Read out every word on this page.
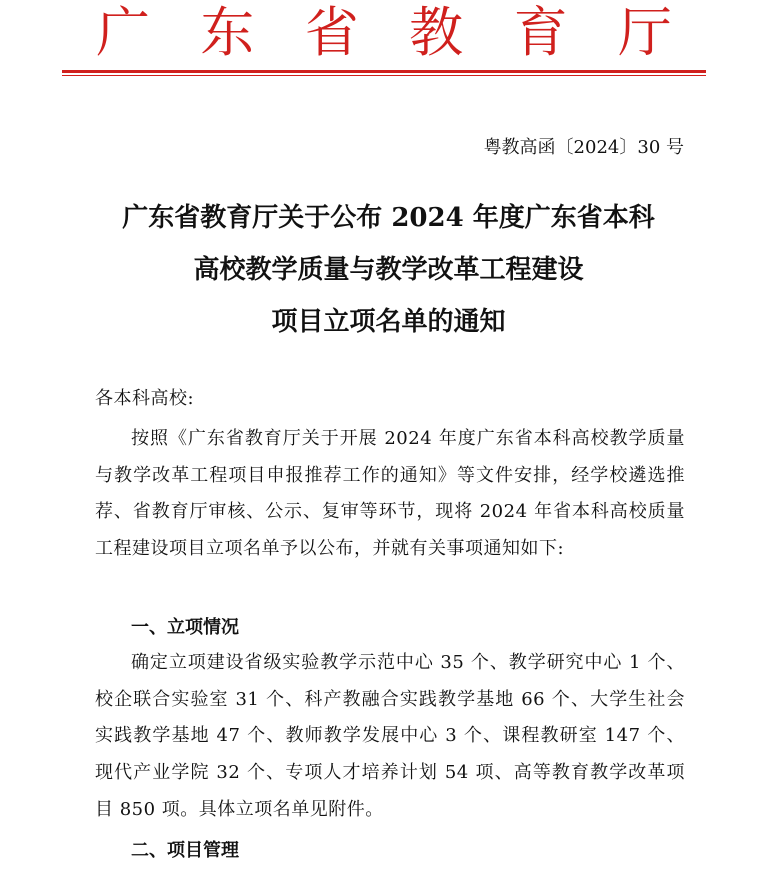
广 东 省 教 育 厅
粤教高函〔2024〕30 号
广东省教育厅关于公布 2024 年度广东省本科
高校教学质量与教学改革工程建设
项目立项名单的通知
各本科高校:
按照《广东省教育厅关于开展 2024 年度广东省本科高校教学质量与教学改革工程项目申报推荐工作的通知》等文件安排，经学校遴选推荐、省教育厅审核、公示、复审等环节，现将 2024 年省本科高校质量工程建设项目立项名单予以公布，并就有关事项通知如下:
一、立项情况
确定立项建设省级实验教学示范中心 35 个、教学研究中心 1 个、校企联合实验室 31 个、科产教融合实践教学基地 66 个、大学生社会实践教学基地 47 个、教师教学发展中心 3 个、课程教研室 147 个、现代产业学院 32 个、专项人才培养计划 54 项、高等教育教学改革项目 850 项。具体立项名单见附件。
二、项目管理
